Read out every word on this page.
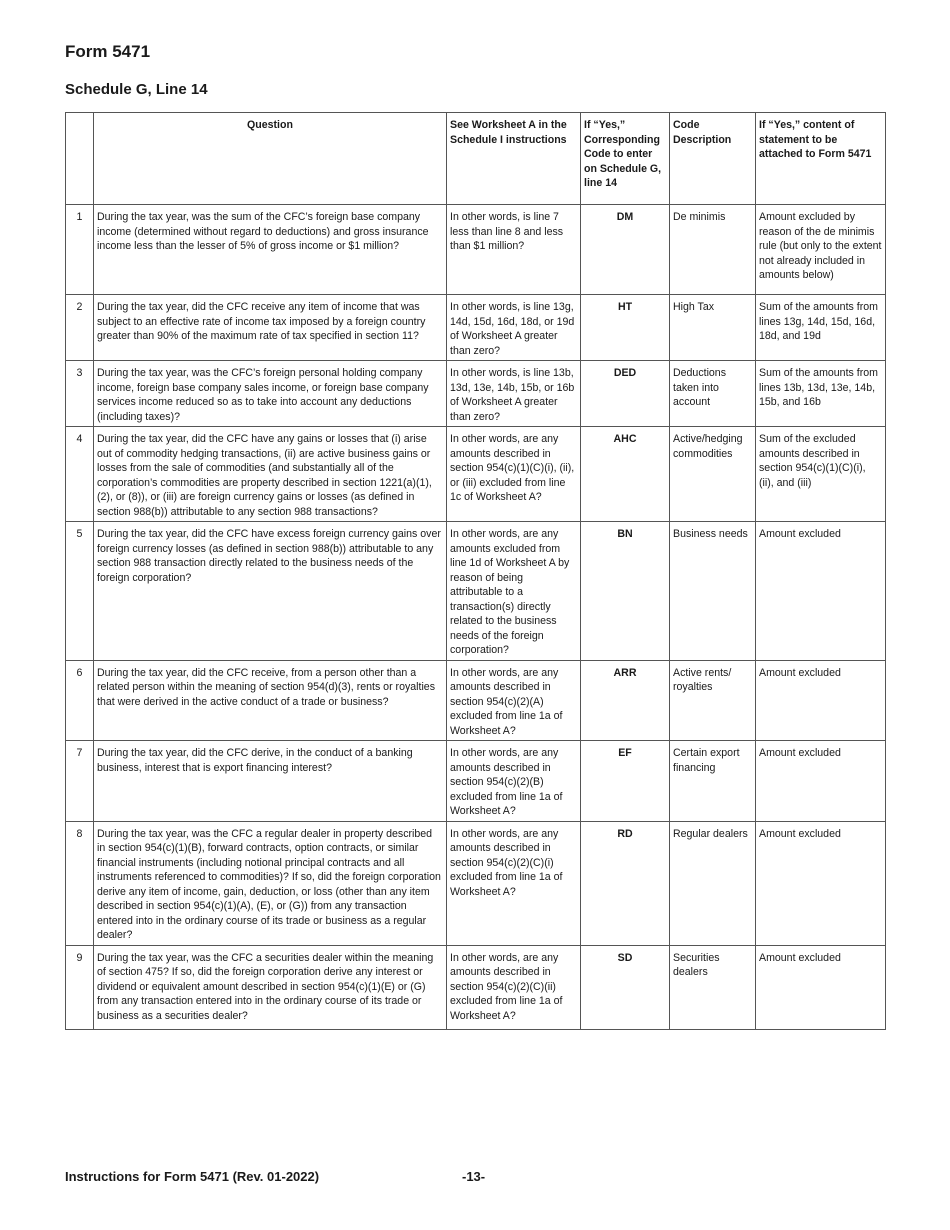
Form 5471
Schedule G, Line 14
	Question	See Worksheet A in the Schedule I instructions	If “Yes,” Corresponding Code to enter on Schedule G, line 14	Code Description	If “Yes,” content of statement to be attached to Form 5471
1	During the tax year, was the sum of the CFC’s foreign base company income (determined without regard to deductions) and gross insurance income less than the lesser of 5% of gross income or $1 million?	In other words, is line 7 less than line 8 and less than $1 million?	DM	De minimis	Amount excluded by reason of the de minimis rule (but only to the extent not already included in amounts below)
2	During the tax year, did the CFC receive any item of income that was subject to an effective rate of income tax imposed by a foreign country greater than 90% of the maximum rate of tax specified in section 11?	In other words, is line 13g, 14d, 15d, 16d, 18d, or 19d of Worksheet A greater than zero?	HT	High Tax	Sum of the amounts from lines 13g, 14d, 15d, 16d, 18d, and 19d
3	During the tax year, was the CFC’s foreign personal holding company income, foreign base company sales income, or foreign base company services income reduced so as to take into account any deductions (including taxes)?	In other words, is line 13b, 13d, 13e, 14b, 15b, or 16b of Worksheet A greater than zero?	DED	Deductions taken into account	Sum of the amounts from lines 13b, 13d, 13e, 14b, 15b, and 16b
4	During the tax year, did the CFC have any gains or losses that (i) arise out of commodity hedging transactions, (ii) are active business gains or losses from the sale of commodities (and substantially all of the corporation’s commodities are property described in section 1221(a)(1), (2), or (8)), or (iii) are foreign currency gains or losses (as defined in section 988(b)) attributable to any section 988 transactions?	In other words, are any amounts described in section 954(c)(1)(C)(i), (ii), or (iii) excluded from line 1c of Worksheet A?	AHC	Active/hedging commodities	Sum of the excluded amounts described in section 954(c)(1)(C)(i), (ii), and (iii)
5	During the tax year, did the CFC have excess foreign currency gains over foreign currency losses (as defined in section 988(b)) attributable to any section 988 transaction directly related to the business needs of the foreign corporation?	In other words, are any amounts excluded from line 1d of Worksheet A by reason of being attributable to a transaction(s) directly related to the business needs of the foreign corporation?	BN	Business needs	Amount excluded
6	During the tax year, did the CFC receive, from a person other than a related person within the meaning of section 954(d)(3), rents or royalties that were derived in the active conduct of a trade or business?	In other words, are any amounts described in section 954(c)(2)(A) excluded from line 1a of Worksheet A?	ARR	Active rents/ royalties	Amount excluded
7	During the tax year, did the CFC derive, in the conduct of a banking business, interest that is export financing interest?	In other words, are any amounts described in section 954(c)(2)(B) excluded from line 1a of Worksheet A?	EF	Certain export financing	Amount excluded
8	During the tax year, was the CFC a regular dealer in property described in section 954(c)(1)(B), forward contracts, option contracts, or similar financial instruments (including notional principal contracts and all instruments referenced to commodities)? If so, did the foreign corporation derive any item of income, gain, deduction, or loss (other than any item described in section 954(c)(1)(A), (E), or (G)) from any transaction entered into in the ordinary course of its trade or business as a regular dealer?	In other words, are any amounts described in section 954(c)(2)(C)(i) excluded from line 1a of Worksheet A?	RD	Regular dealers	Amount excluded
9	During the tax year, was the CFC a securities dealer within the meaning of section 475? If so, did the foreign corporation derive any interest or dividend or equivalent amount described in section 954(c)(1)(E) or (G) from any transaction entered into in the ordinary course of its trade or business as a securities dealer?	In other words, are any amounts described in section 954(c)(2)(C)(ii) excluded from line 1a of Worksheet A?	SD	Securities dealers	Amount excluded
Instructions for Form 5471 (Rev. 01-2022)	-13-
